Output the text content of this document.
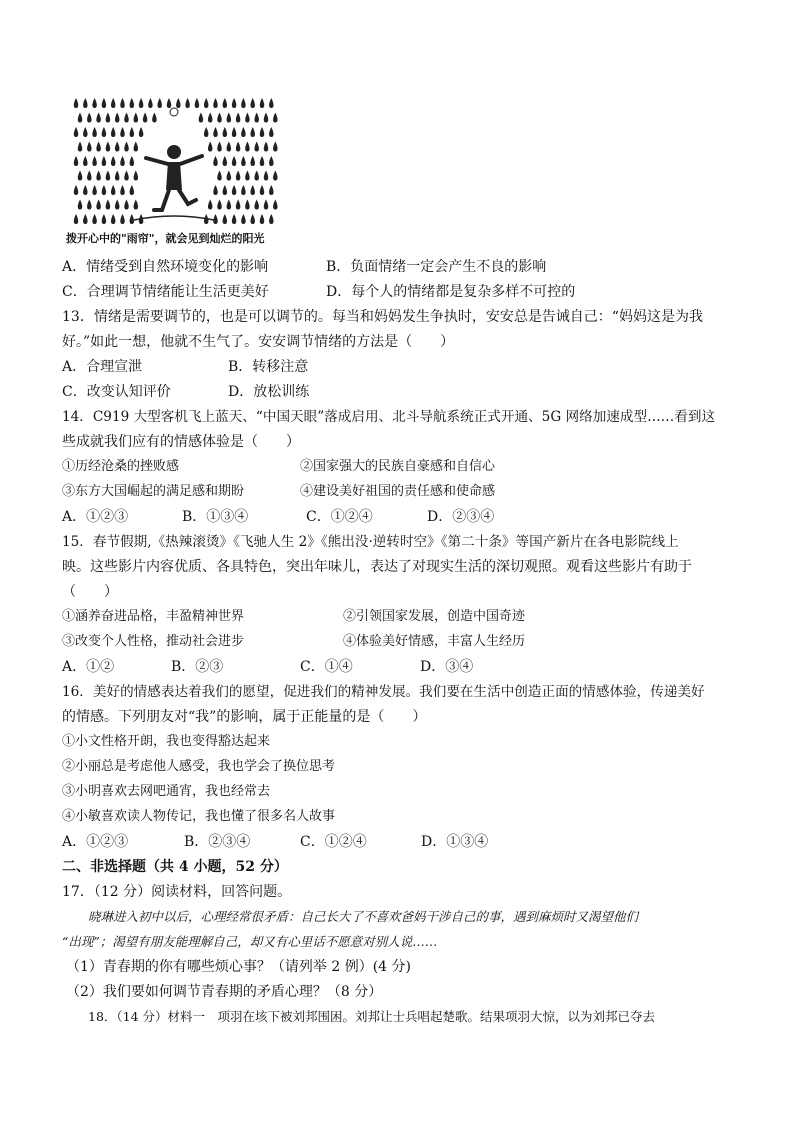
拨开心中的"雨帘"，就会见到灿烂的阳光
A．情绪受到自然环境变化的影响	B．负面情绪一定会产生不良的影响
C．合理调节情绪能让生活更美好	D．每个人的情绪都是复杂多样不可控的
13．情绪是需要调节的，也是可以调节的。每当和妈妈发生争执时，安安总是告诫自己：“妈妈这是为我
好。”如此一想，他就不生气了。安安调节情绪的方法是（　　）
A．合理宣泄	B．转移注意
C．改变认知评价	D．放松训练
14．C919 大型客机飞上蓝天、“中国天眼”落成启用、北斗导航系统正式开通、5G 网络加速成型……看到这
些成就我们应有的情感体验是（　　）
①历经沧桑的挫败感	②国家强大的民族自豪感和自信心
③东方大国崛起的满足感和期盼	④建设美好祖国的责任感和使命感
A．①②③	B．①③④	C．①②④	D．②③④
15．春节假期,《热辣滚烫》《飞驰人生 2》《熊出没·逆转时空》《第二十条》等国产新片在各电影院线上
映。这些影片内容优质、各具特色，突出年味儿，表达了对现实生活的深切观照。观看这些影片有助于
（　　）
①涵养奋进品格，丰盈精神世界	②引领国家发展，创造中国奇迹
③改变个人性格，推动社会进步	④体验美好情感，丰富人生经历
A．①②	B．②③	C．①④	D．③④
16．美好的情感表达着我们的愿望，促进我们的精神发展。我们要在生活中创造正面的情感体验，传递美好
的情感。下列朋友对“我”的影响，属于正能量的是（　　）
①小文性格开朗，我也变得豁达起来
②小丽总是考虑他人感受，我也学会了换位思考
③小明喜欢去网吧通宵，我也经常去
④小敏喜欢读人物传记，我也懂了很多名人故事
A．①②③	B．②③④	C．①②④	D．①③④
二、非选择题（共 4 小题，52 分）
17．（12 分）阅读材料，回答问题。
晓琳进入初中以后，心理经常很矛盾：自己长大了不喜欢爸妈干涉自己的事，遇到麻烦时又渴望他们
“出现”；渴望有朋友能理解自己，却又有心里话不愿意对别人说……
（1）青春期的你有哪些烦心事？（请列举 2 例）(4 分)
（2）我们要如何调节青春期的矛盾心理？（8 分）
18．（14 分）材料一　项羽在垓下被刘邦围困。刘邦让士兵唱起楚歌。结果项羽大惊，以为刘邦已夺去
